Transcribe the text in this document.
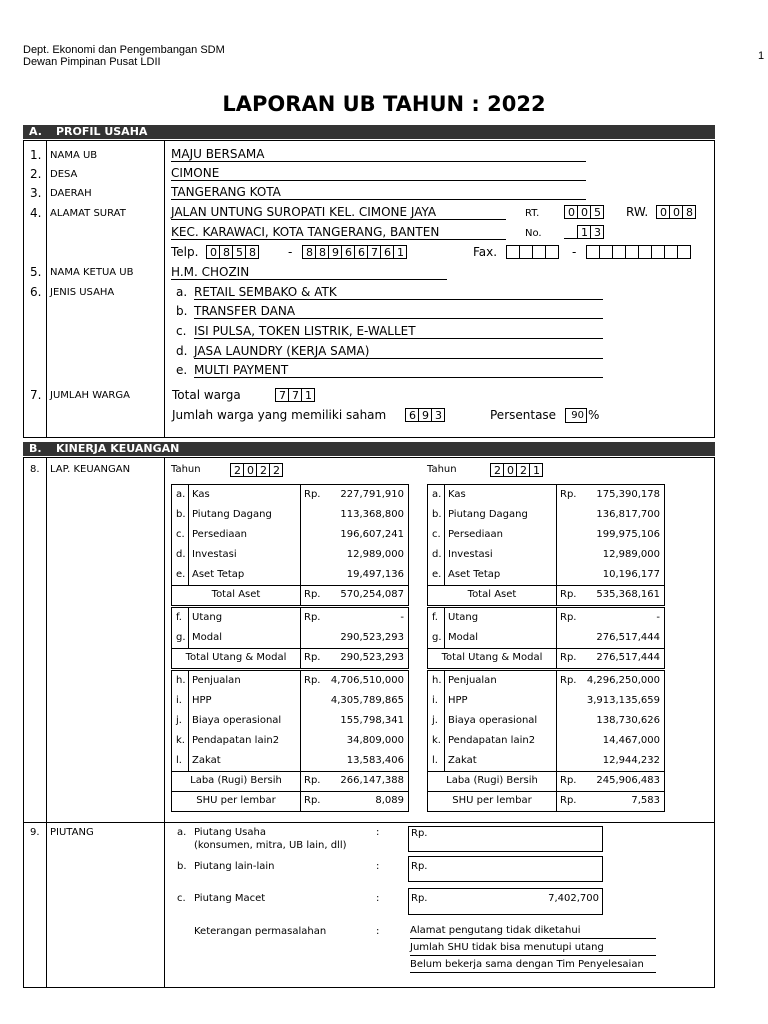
Dept. Ekonomi dan Pengembangan SDM
Dewan Pimpinan Pusat LDII	1
LAPORAN UB TAHUN : 2022
A. PROFIL USAHA
1. NAMA UB	MAJU BERSAMA
2. DESA	CIMONE
3. DAERAH	TANGERANG KOTA
4. ALAMAT SURAT	JALAN UNTUNG SUROPATI KEL. CIMONE JAYA	RT.	0 0 5 RW.	0 0 8
KEC. KARAWACI, KOTA TANGERANG, BANTEN	No.	1 3
Telp.	0 8 5 8	-	8 8 9 6 6 7 6 1	Fax.	-
5. NAMA KETUA UB	H.M. CHOZIN
6. JENIS USAHA	a. RETAIL SEMBAKO & ATK
b. TRANSFER DANA
c. ISI PULSA, TOKEN LISTRIK, E-WALLET
d. JASA LAUNDRY (KERJA SAMA)
e. MULTI PAYMENT
7. JUMLAH WARGA	Total warga	7 7 1
Jumlah warga yang memiliki saham	6 9 3	Persentase	90 %
B. KINERJA KEUANGAN
8. LAP. KEUANGAN	Tahun	2 0 2 2
a. Kas	Rp. 227,791,910
b. Piutang Dagang	113,368,800
c. Persediaan	196,607,241
d. Investasi	12,989,000
e. Aset Tetap	19,497,136
Total Aset	Rp. 570,254,087
f. Utang	Rp.	-
g. Modal	290,523,293
Total Utang & Modal	Rp. 290,523,293
h. Penjualan	Rp. 4,706,510,000
i. HPP	4,305,789,865
j. Biaya operasional	155,798,341
k. Pendapatan lain2	34,809,000
l. Zakat	13,583,406
Laba (Rugi) Bersih	Rp. 266,147,388
SHU per lembar	Rp.	8,089
Tahun	2 0 2 1
a. Kas	Rp. 175,390,178
b. Piutang Dagang	136,817,700
c. Persediaan	199,975,106
d. Investasi	12,989,000
e. Aset Tetap	10,196,177
Total Aset	Rp. 535,368,161
f. Utang	Rp.	-
g. Modal	276,517,444
Total Utang & Modal	Rp. 276,517,444
h. Penjualan	Rp. 4,296,250,000
i. HPP	3,913,135,659
j. Biaya operasional	138,730,626
k. Pendapatan lain2	14,467,000
l. Zakat	12,944,232
Laba (Rugi) Bersih	Rp. 245,906,483
SHU per lembar	Rp.	7,583
9. PIUTANG	a. Piutang Usaha
(konsumen, mitra, UB lain, dll)
:	Rp.
b. Piutang lain-lain	:	Rp.
c. Piutang Macet	:	Rp.	7,402,700
Keterangan permasalahan	:	Alamat pengutang tidak diketahui
Jumlah SHU tidak bisa menutupi utang
Belum bekerja sama dengan Tim Penyelesaian
